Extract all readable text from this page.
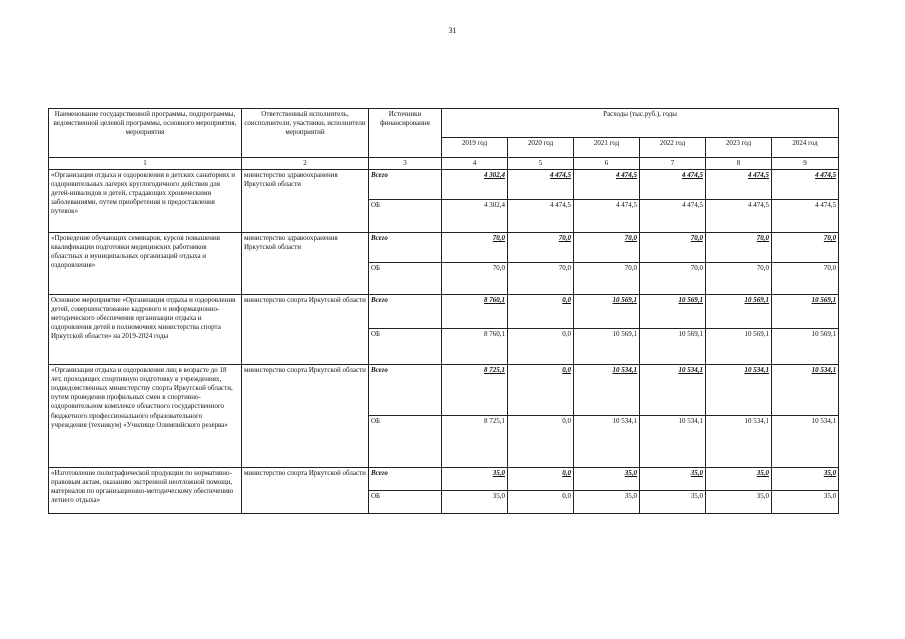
31
Наименование государственной программы, подпрограммы, ведомственной целевой программы, основного мероприятия, мероприятия	Ответственный исполнитель, соисполнители, участники, исполнители мероприятий	Источники финансирования	Расходы (тыс.руб.), годы					
			2019 год	2020 год	2021 год	2022 год	2023 год	2024 год
1	2	3	4	5	6	7	8	9
«Организация отдыха и оздоровления в детских санаториях и оздоровительных лагерях круглогодичного действия для детей-инвалидов и детей, страдающих хроническими заболеваниями, путем приобретения и предоставления путевок»	министерство здравоохранения Иркутской области	Всего	4 302,4	4 474,5	4 474,5	4 474,5	4 474,5	4 474,5
		ОБ	4 302,4	4 474,5	4 474,5	4 474,5	4 474,5	4 474,5
«Проведение обучающих семинаров, курсов повышения квалификации подготовки медицинских работников областных и муниципальных организаций отдыха и оздоровления»	министерство здравоохранения Иркутской области	Всего	70,0	70,0	70,0	70,0	70,0	70,0
		ОБ	70,0	70,0	70,0	70,0	70,0	70,0
Основное мероприятие «Организация отдыха и оздоровления детей, совершенствование кадрового и информационно-методического обеспечения организации отдыха и оздоровления детей в полномочиях министерства спорта Иркутской области» на 2019-2024 годы	министерство спорта Иркутской области	Всего	8 760,1	0,0	10 569,1	10 569,1	10 569,1	10 569,1
		ОБ	8 760,1	0,0	10 569,1	10 569,1	10 569,1	10 569,1
«Организация отдыха и оздоровления лиц в возрасте до 18 лет, проходящих спортивную подготовку в учреждениях, подведомственных министерству спорта Иркутской области, путем проведения профильных смен в спортивно-оздоровительном комплексе областного государственного бюджетного профессионального образовательного учреждения (техникум) «Училище Олимпийского резерва»	министерство спорта Иркутской области	Всего	8 725,1	0,0	10 534,1	10 534,1	10 534,1	10 534,1
		ОБ	8 725,1	0,0	10 534,1	10 534,1	10 534,1	10 534,1
«Изготовление полиграфической продукции по нормативно-правовым актам, оказанию экстренной неотложной помощи, материалов по организационно-методическому обеспечению летнего отдыха»	министерство спорта Иркутской области	Всего	35,0	0,0	35,0	35,0	35,0	35,0
		ОБ	35,0	0,0	35,0	35,0	35,0	35,0
